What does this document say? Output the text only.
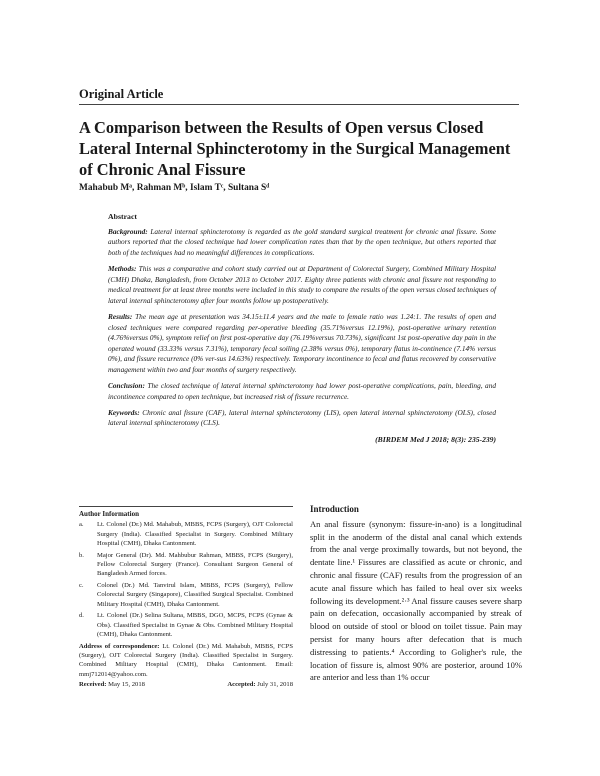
Original Article
A Comparison between the Results of Open versus Closed Lateral Internal Sphincterotomy in the Surgical Management of Chronic Anal Fissure
Mahabub Mᵃ, Rahman Mᵇ, Islam Tᶜ, Sultana Sᵈ
Abstract

Background: Lateral internal sphincterotomy is regarded as the gold standard surgical treatment for chronic anal fissure. Some authors reported that the closed technique had lower complication rates than that by the open technique, but others reported that both of the techniques had no meaningful differences in complications.

Methods: This was a comparative and cohort study carried out at Department of Colorectal Surgery, Combined Military Hospital (CMH) Dhaka, Bangladesh, from October 2013 to October 2017. Eighty three patients with chronic anal fissure not responding to medical treatment for at least three months were included in this study to compare the results of the open versus closed techniques of lateral internal sphincterotomy after four months follow up postoperatively.

Results: The mean age at presentation was 34.15±11.4 years and the male to female ratio was 1.24:1. The results of open and closed techniques were compared regarding per-operative bleeding (35.71%versus 12.19%), post-operative urinary retention (4.76%versus 0%), symptom relief on first post-operative day (76.19%versus 70.73%), significant 1st post-operative day pain in the operated wound (33.33% versus 7.31%), temporary fecal soiling (2.38% versus 0%), temporary flatus in-continence (7.14% versus 0%), and fissure recurrence (0% ver-sus 14.63%) respectively. Temporary incontinence to fecal and flatus recovered by conservative management within two and four months of surgery respectively.

Conclusion: The closed technique of lateral internal sphincterotomy had lower post-operative complications, pain, bleeding, and incontinence compared to open technique, but increased risk of fissure recurrence.

Keywords: Chronic anal fissure (CAF), lateral internal sphincterotomy (LIS), open lateral internal sphincterotomy (OLS), closed lateral internal sphincterotomy (CLS).

(BIRDEM Med J 2018; 8(3): 235-239)
Author Information
a.	Lt. Colonel (Dr.) Md. Mahabub, MBBS, FCPS (Surgery), OJT Colorectal Surgery (India). Classified Specialist in Surgery. Combined Military Hospital (CMH), Dhaka Cantonment.
b.	Major General (Dr). Md. Mahbubur Rahman, MBBS, FCPS (Surgery), Fellow Colorectal Surgery (France). Consultant Surgeon General of Bangladesh Armed forces.
c.	Colonel (Dr.) Md. Tanvirul Islam, MBBS, FCPS (Surgery), Fellow Colorectal Surgery (Singapore), Classified Surgical Specialist. Combined Military Hospital (CMH), Dhaka Cantonment.
d.	Lt. Colonel (Dr.) Selina Sultana, MBBS, DGO, MCPS, FCPS (Gynae & Obs). Classified Specialist in Gynae & Obs. Combined Military Hospital (CMH), Dhaka Cantonment.
Address of correspondence: Lt. Colonel (Dr.) Md. Mahabub, MBBS, FCPS (Surgery), OJT Colorectal Surgery (India). Classified Specialist in Surgery. Combined Military Hospital (CMH), Dhaka Cantonment. Email: mmj712014@yahoo.com.
Received: May 15, 2018	Accepted: July 31, 2018
Introduction

An anal fissure (synonym: fissure-in-ano) is a longitudinal split in the anoderm of the distal anal canal which extends from the anal verge proximally towards, but not beyond, the dentate line.¹ Fissures are classified as acute or chronic, and chronic anal fissure (CAF) results from the progression of an acute anal fissure which has failed to heal over six weeks following its development.²·³ Anal fissure causes severe sharp pain on defecation, occasionally accompanied by streak of blood on outside of stool or blood on toilet tissue. Pain may persist for many hours after defecation that is much distressing to patients.⁴ According to Goligher's rule, the location of fissure is, almost 90% are posterior, around 10% are anterior and less than 1% occur
